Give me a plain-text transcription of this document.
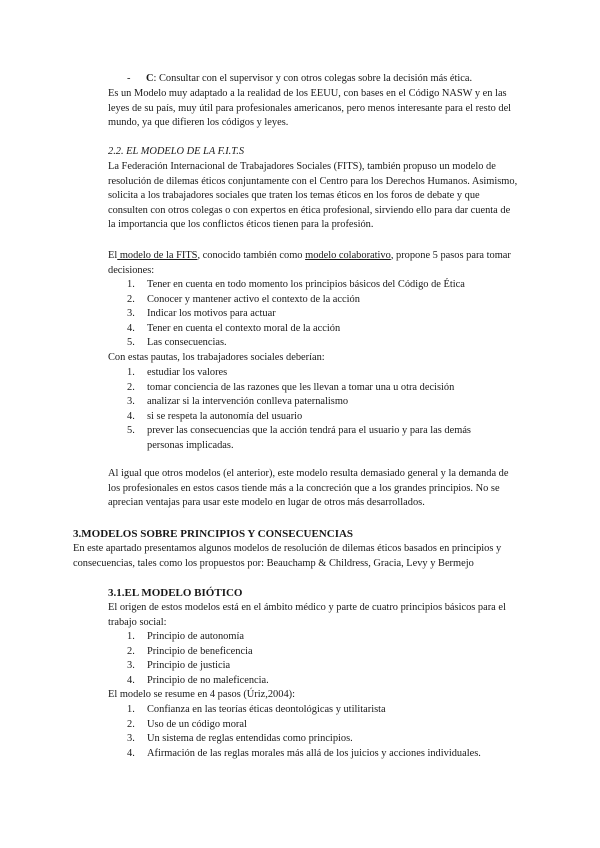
- C: Consultar con el supervisor y con otros colegas sobre la decisión más ética.

Es un Modelo muy adaptado a la realidad de los EEUU, con bases en el Código NASW y en las leyes de su país, muy útil para profesionales americanos, pero menos interesante para el resto del mundo, ya que difieren los códigos y leyes.

2.2. EL MODELO DE LA F.I.T.S

La Federación Internacional de Trabajadores Sociales (FITS), también propuso un modelo de resolución de dilemas éticos conjuntamente con el Centro para los Derechos Humanos. Asimismo, solicita a los trabajadores sociales que traten los temas éticos en los foros de debate y que consulten con otros colegas o con expertos en ética profesional, sirviendo ello para dar cuenta de la importancia que los conflictos éticos tienen para la profesión.

El modelo de la FITS, conocido también como modelo colaborativo, propone 5 pasos para tomar decisiones:

1. Tener en cuenta en todo momento los principios básicos del Código de Ética
2. Conocer y mantener activo el contexto de la acción
3. Indicar los motivos para actuar
4. Tener en cuenta el contexto moral de la acción
5. Las consecuencias.
Con estas pautas, los trabajadores sociales deberían:
1. estudiar los valores
2. tomar conciencia de las razones que les llevan a tomar una u otra decisión
3. analizar si la intervención conlleva paternalismo
4. si se respeta la autonomía del usuario
5. prever las consecuencias que la acción tendrá para el usuario y para las demás personas implicadas.

Al igual que otros modelos (el anterior), este modelo resulta demasiado general y la demanda de los profesionales en estos casos tiende más a la concreción que a los grandes principios. No se aprecian ventajas para usar este modelo en lugar de otros más desarrollados.

3.MODELOS SOBRE PRINCIPIOS Y CONSECUENCIAS

En este apartado presentamos algunos modelos de resolución de dilemas éticos basados en principios y consecuencias, tales como los propuestos por: Beauchamp & Childress, Gracia, Levy y Bermejo

3.1.EL MODELO BIÓTICO

El origen de estos modelos está en el ámbito médico y parte de cuatro principios básicos para el trabajo social:

1. Principio de autonomía
2. Principio de beneficencia
3. Principio de justicia
4. Principio de no maleficencia.
El modelo se resume en 4 pasos (Úriz,2004):
1. Confianza en las teorías éticas deontológicas y utilitarista
2. Uso de un código moral
3. Un sistema de reglas entendidas como principios.
4. Afirmación de las reglas morales más allá de los juicios y acciones individuales.
